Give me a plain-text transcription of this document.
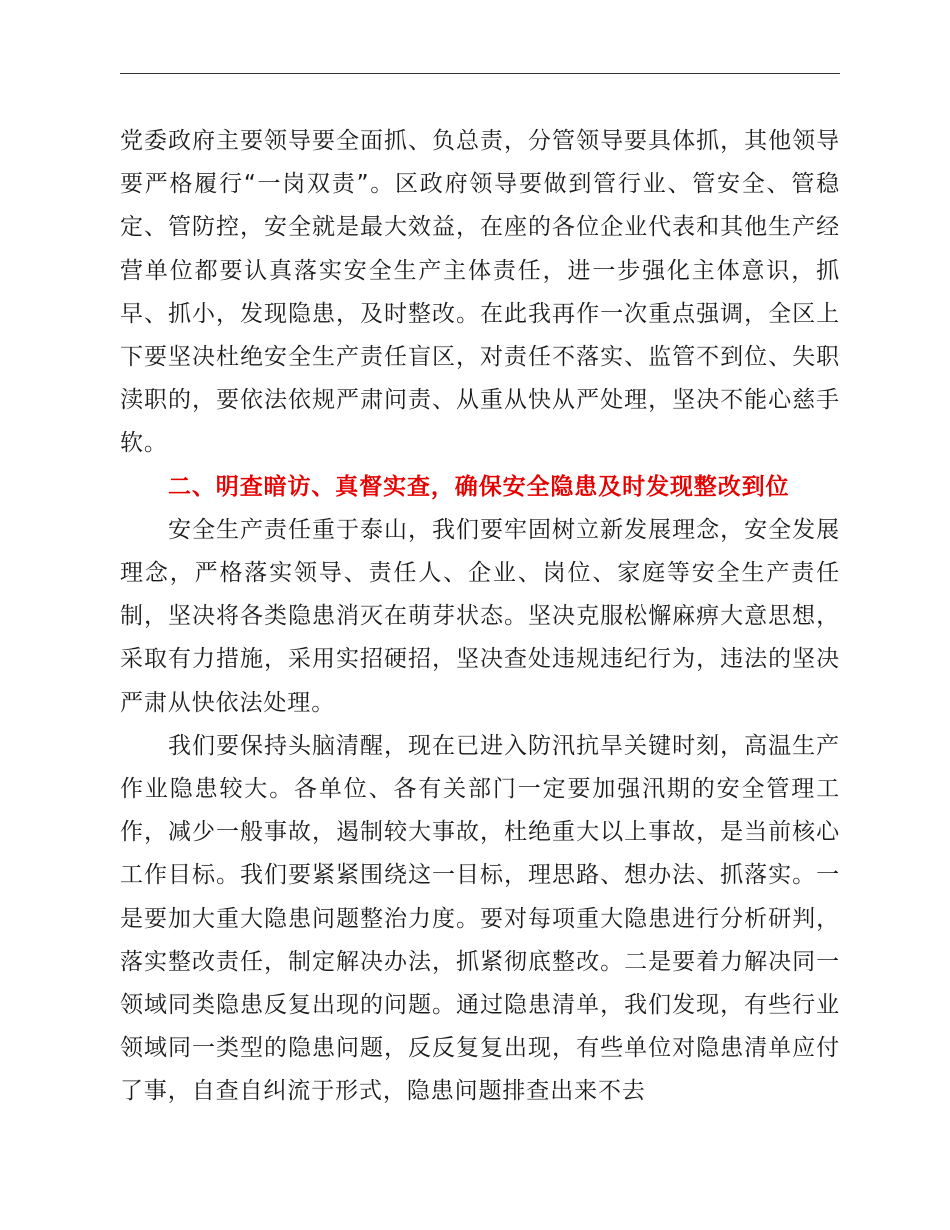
党委政府主要领导要全面抓、负总责，分管领导要具体抓，其他领导要严格履行“一岗双责”。区政府领导要做到管行业、管安全、管稳定、管防控，安全就是最大效益，在座的各位企业代表和其他生产经营单位都要认真落实安全生产主体责任，进一步强化主体意识，抓早、抓小，发现隐患，及时整改。在此我再作一次重点强调，全区上下要坚决杜绝安全生产责任盲区，对责任不落实、监管不到位、失职渎职的，要依法依规严肃问责、从重从快从严处理，坚决不能心慈手软。

二、明查暗访、真督实查，确保安全隐患及时发现整改到位

安全生产责任重于泰山，我们要牢固树立新发展理念，安全发展理念，严格落实领导、责任人、企业、岗位、家庭等安全生产责任制，坚决将各类隐患消灭在萌芽状态。坚决克服松懈麻痹大意思想，采取有力措施，采用实招硬招，坚决查处违规违纪行为，违法的坚决严肃从快依法处理。

我们要保持头脑清醒，现在已进入防汛抗旱关键时刻，高温生产作业隐患较大。各单位、各有关部门一定要加强汛期的安全管理工作，减少一般事故，遏制较大事故，杜绝重大以上事故，是当前核心工作目标。我们要紧紧围绕这一目标，理思路、想办法、抓落实。一是要加大重大隐患问题整治力度。要对每项重大隐患进行分析研判，落实整改责任，制定解决办法，抓紧彻底整改。二是要着力解决同一领域同类隐患反复出现的问题。通过隐患清单，我们发现，有些行业领域同一类型的隐患问题，反反复复出现，有些单位对隐患清单应付了事，自查自纠流于形式，隐患问题排查出来不去
